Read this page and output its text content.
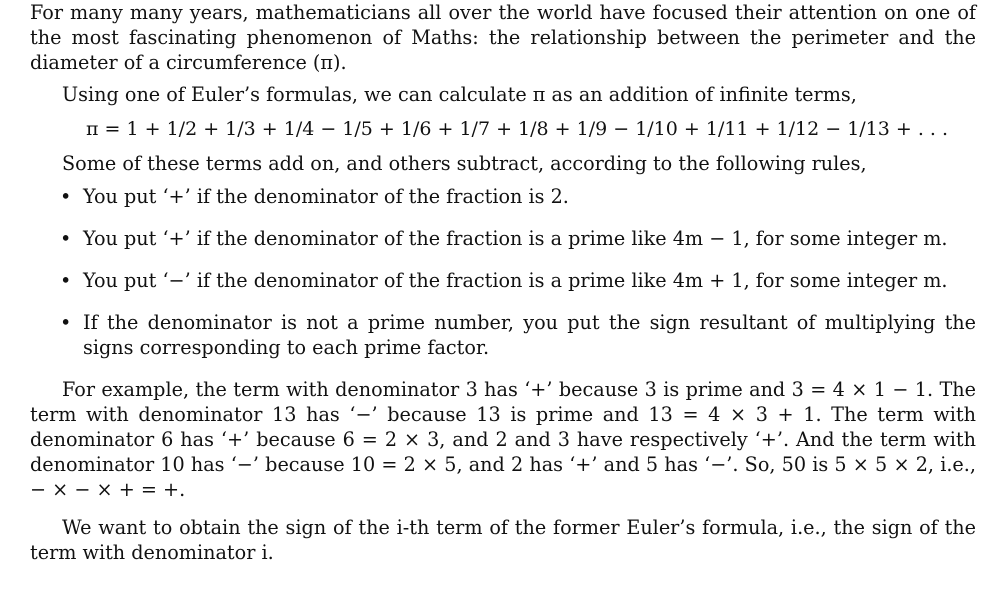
For many many years, mathematicians all over the world have focused their attention on one of the most fascinating phenomenon of Maths: the relationship between the perimeter and the diameter of a circumference (π).

Using one of Euler’s formulas, we can calculate π as an addition of infinite terms,

π = 1 + 1/2 + 1/3 + 1/4 − 1/5 + 1/6 + 1/7 + 1/8 + 1/9 − 1/10 + 1/11 + 1/12 − 1/13 + . . .

Some of these terms add on, and others subtract, according to the following rules,

• You put ‘+’ if the denominator of the fraction is 2.
• You put ‘+’ if the denominator of the fraction is a prime like 4m − 1, for some integer m.
• You put ‘−’ if the denominator of the fraction is a prime like 4m + 1, for some integer m.
• If the denominator is not a prime number, you put the sign resultant of multiplying the signs corresponding to each prime factor.

For example, the term with denominator 3 has ‘+’ because 3 is prime and 3 = 4 × 1 − 1. The term with denominator 13 has ‘−’ because 13 is prime and 13 = 4 × 3 + 1. The term with denominator 6 has ‘+’ because 6 = 2 × 3, and 2 and 3 have respectively ‘+’. And the term with denominator 10 has ‘−’ because 10 = 2 × 5, and 2 has ‘+’ and 5 has ‘−’. So, 50 is 5 × 5 × 2, i.e., − × − × + = +.

We want to obtain the sign of the i-th term of the former Euler’s formula, i.e., the sign of the term with denominator i.
